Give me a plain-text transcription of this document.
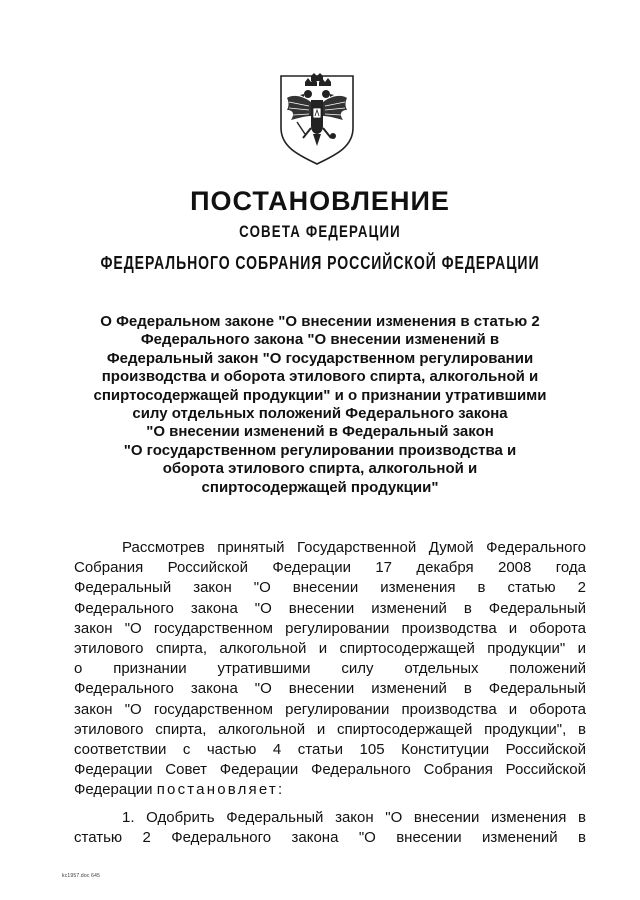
ПОСТАНОВЛЕНИЕ
СОВЕТА ФЕДЕРАЦИИ
ФЕДЕРАЛЬНОГО СОБРАНИЯ РОССИЙСКОЙ ФЕДЕРАЦИИ
О Федеральном законе "О внесении изменения в статью 2
Федерального закона "О внесении изменений в
Федеральный закон "О государственном регулировании
производства и оборота этилового спирта, алкогольной и
спиртосодержащей продукции" и о признании утратившими
силу отдельных положений Федерального закона
"О внесении изменений в Федеральный закон
"О государственном регулировании производства и
оборота этилового спирта, алкогольной и
спиртосодержащей продукции"
Рассмотрев принятый Государственной Думой Федерального
Собрания Российской Федерации 17 декабря 2008 года
Федеральный закон "О внесении изменения в статью 2
Федерального закона "О внесении изменений в Федеральный
закон "О государственном регулировании производства и оборота
этилового спирта, алкогольной и спиртосодержащей продукции" и
о признании утратившими силу отдельных положений
Федерального закона "О внесении изменений в Федеральный
закон "О государственном регулировании производства и оборота
этилового спирта, алкогольной и спиртосодержащей продукции", в
соответствии с частью 4 статьи 105 Конституции Российской
Федерации Совет Федерации Федерального Собрания Российской
Федерации постановляет:
1. Одобрить Федеральный закон "О внесении изменения в
статью 2 Федерального закона "О внесении изменений в
kc1957.doc 645
